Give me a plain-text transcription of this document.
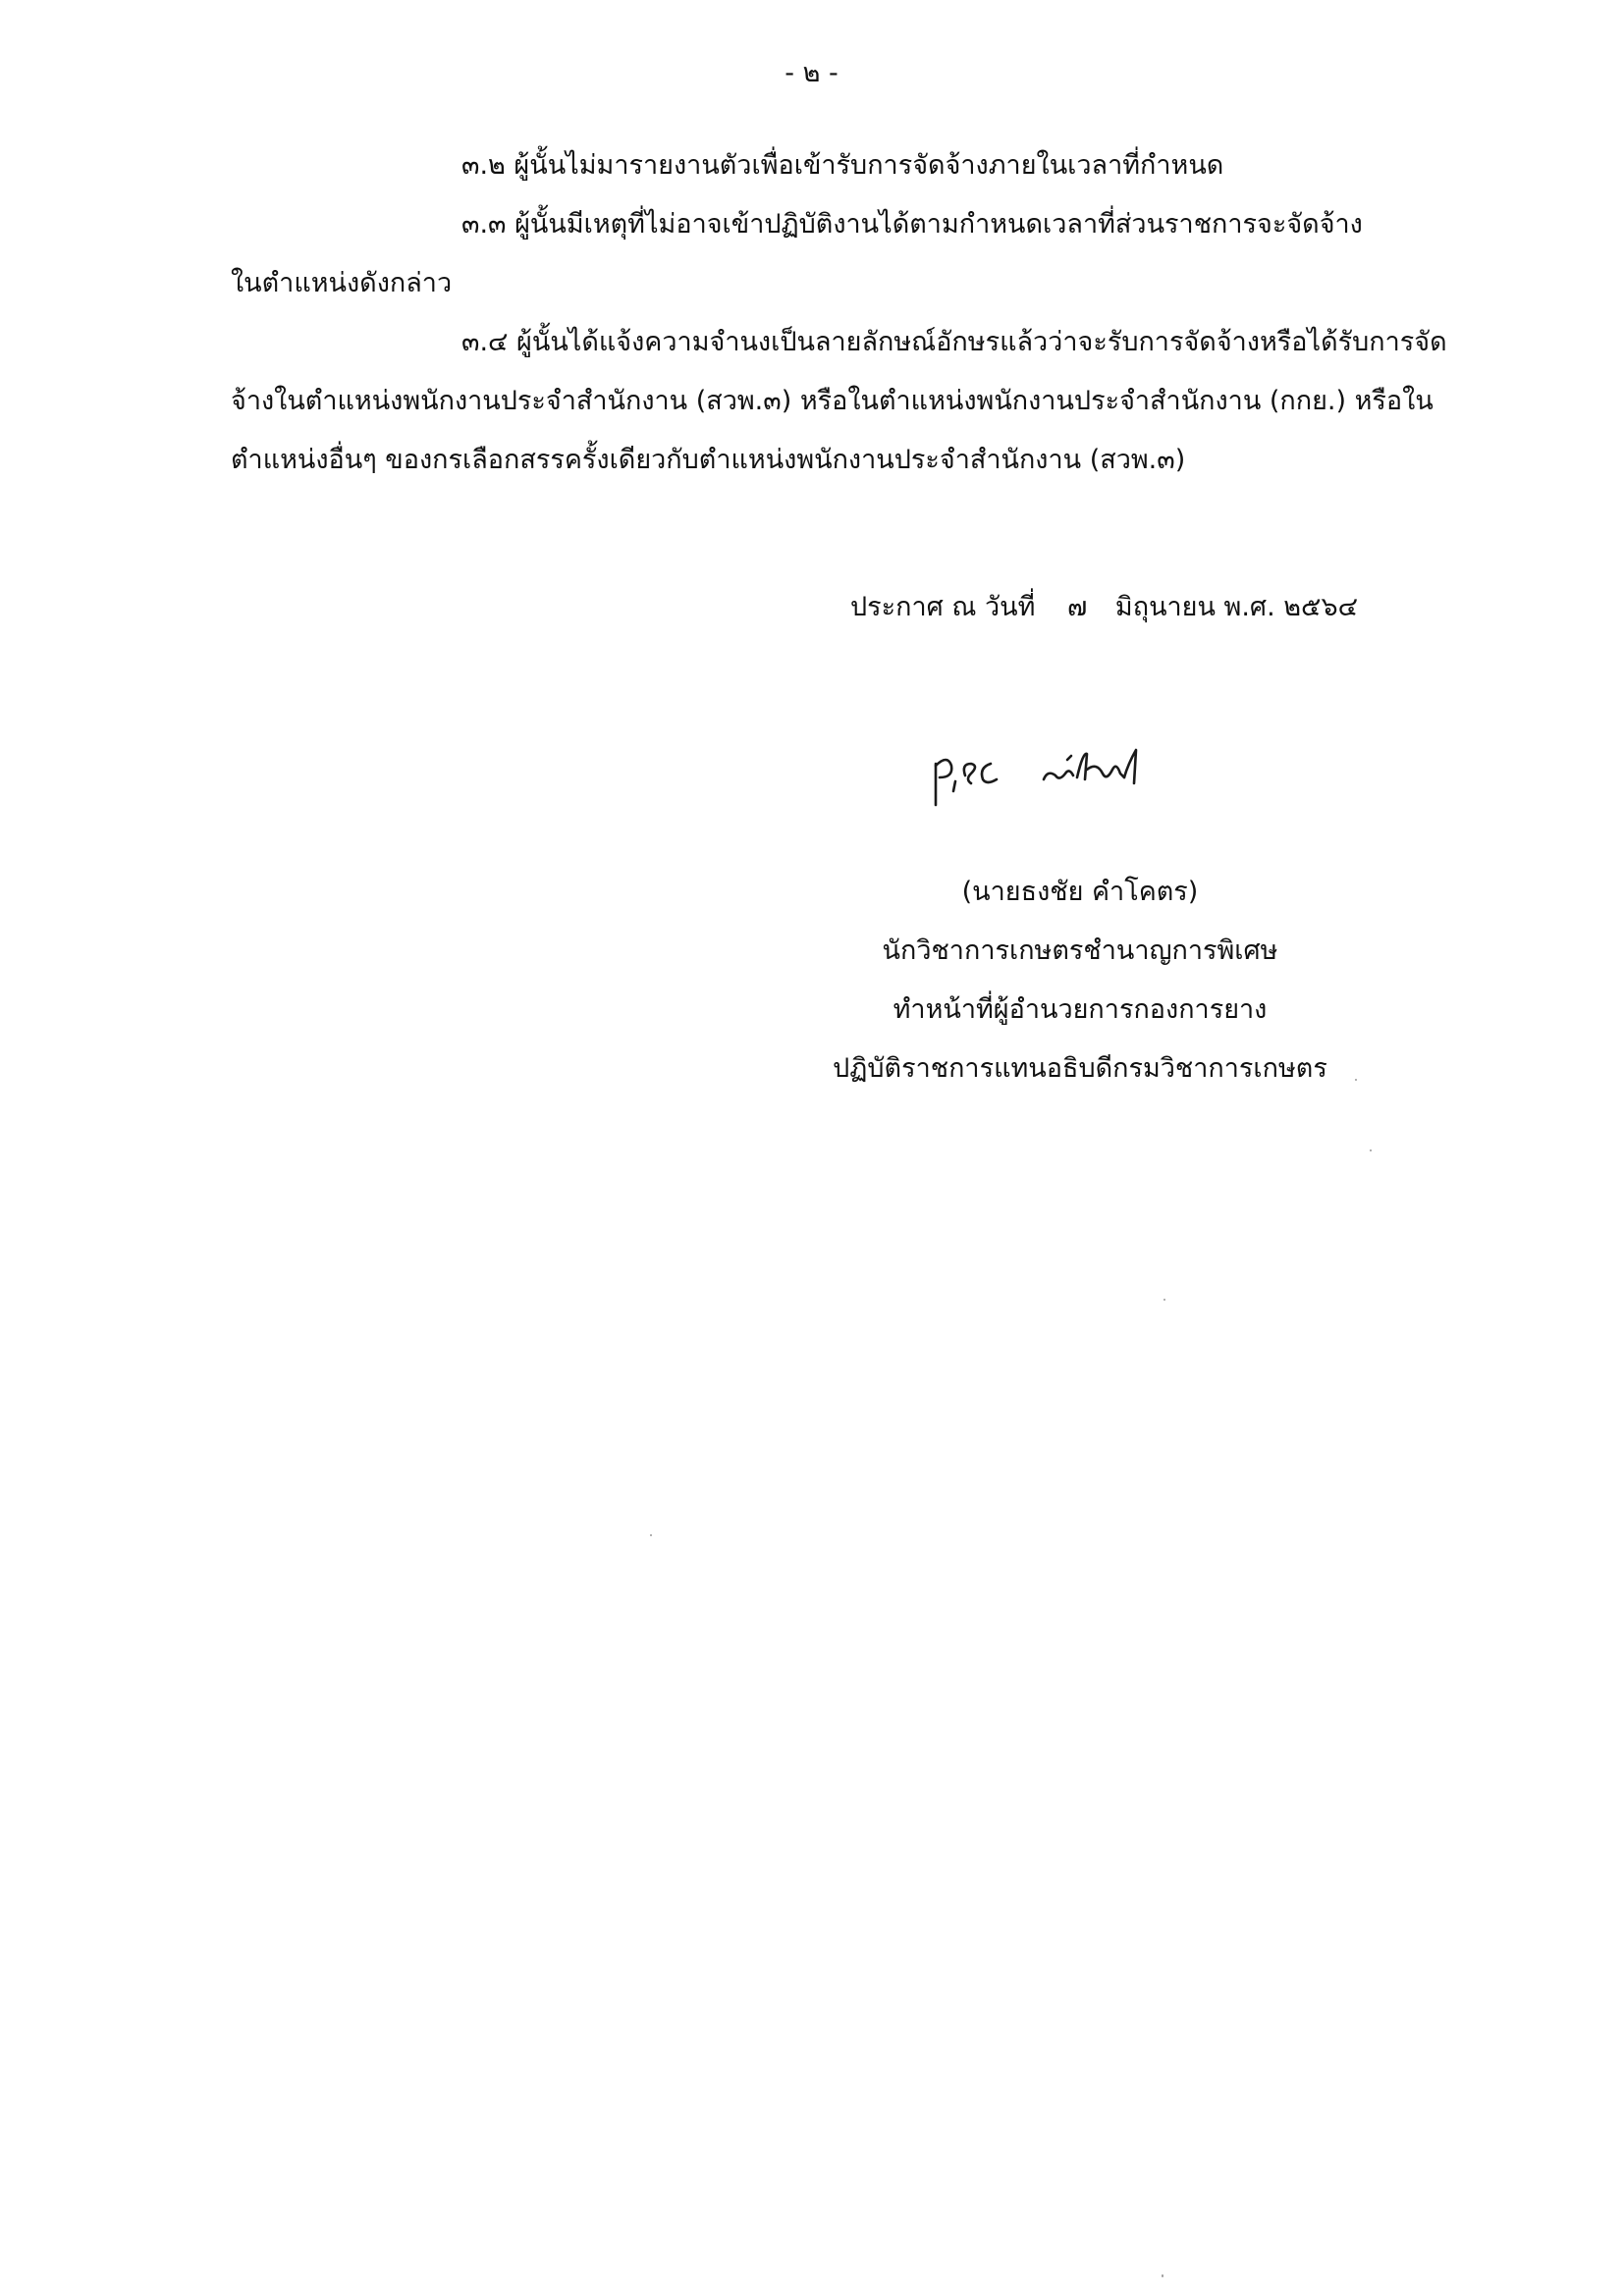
- ๒ -
๓.๒ ผู้นั้นไม่มารายงานตัวเพื่อเข้ารับการจัดจ้างภายในเวลาที่กำหนด
๓.๓ ผู้นั้นมีเหตุที่ไม่อาจเข้าปฏิบัติงานได้ตามกำหนดเวลาที่ส่วนราชการจะจัดจ้าง
ในตำแหน่งดังกล่าว
๓.๔ ผู้นั้นได้แจ้งความจำนงเป็นลายลักษณ์อักษรแล้วว่าจะรับการจัดจ้างหรือได้รับการจัด
จ้างในตำแหน่งพนักงานประจำสำนักงาน (สวพ.๓) หรือในตำแหน่งพนักงานประจำสำนักงาน (กกย.) หรือใน
ตำแหน่งอื่นๆ ของกรเลือกสรรครั้งเดียวกับตำแหน่งพนักงานประจำสำนักงาน (สวพ.๓)
ประกาศ ณ วันที่ ๗ มิถุนายน พ.ศ. ๒๕๖๔
(นายธงชัย คำโคตร)
นักวิชาการเกษตรชำนาญการพิเศษ
ทำหน้าที่ผู้อำนวยการกองการยาง
ปฏิบัติราชการแทนอธิบดีกรมวิชาการเกษตร
